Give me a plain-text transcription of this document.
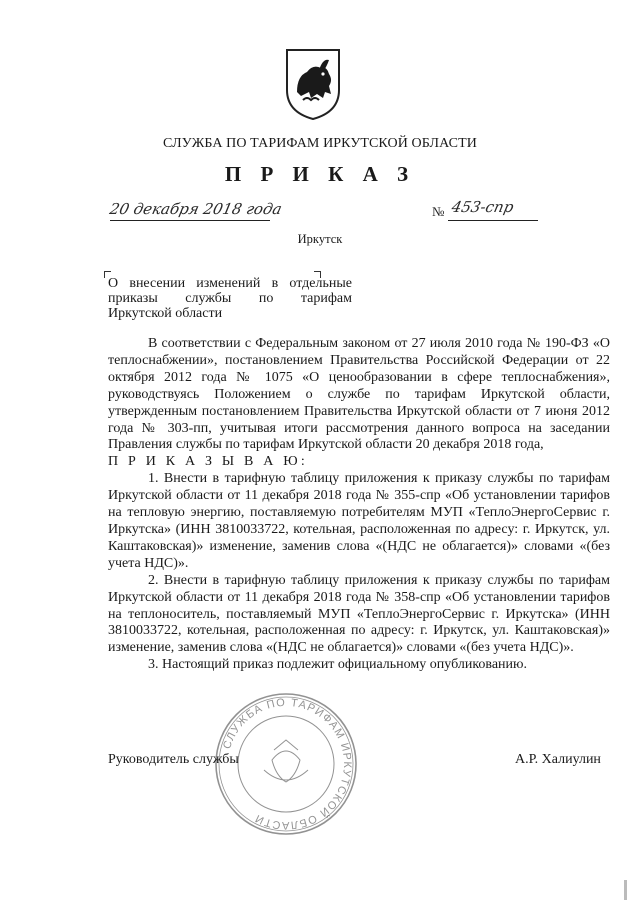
СЛУЖБА ПО ТАРИФАМ ИРКУТСКОЙ ОБЛАСТИ
П Р И К А З
20 декабря 2018 года	№ 453-спр
Иркутск
О внесении изменений в отдельные
приказы службы по тарифам
Иркутской области

В соответствии с Федеральным законом от 27 июля 2010 года № 190-ФЗ «О теплоснабжении», постановлением Правительства Российской Федерации от 22 октября 2012 года № 1075 «О ценообразовании в сфере теплоснабжения», руководствуясь Положением о службе по тарифам Иркутской области, утвержденным постановлением Правительства Иркутской области от 7 июня 2012 года № 303-пп, учитывая итоги рассмотрения данного вопроса на заседании Правления службы по тарифам Иркутской области 20 декабря 2018 года,

П Р И К А З Ы В А Ю:

1. Внести в тарифную таблицу приложения к приказу службы по тарифам Иркутской области от 11 декабря 2018 года № 355-спр «Об установлении тарифов на тепловую энергию, поставляемую потребителям МУП «ТеплоЭнергоСервис г. Иркутска» (ИНН 3810033722, котельная, расположенная по адресу: г. Иркутск, ул. Каштаковская)» изменение, заменив слова «(НДС не облагается)» словами «(без учета НДС)».

2. Внести в тарифную таблицу приложения к приказу службы по тарифам Иркутской области от 11 декабря 2018 года № 358-спр «Об установлении тарифов на теплоноситель, поставляемый МУП «ТеплоЭнергоСервис г. Иркутска» (ИНН 3810033722, котельная, расположенная по адресу: г. Иркутск, ул. Каштаковская)» изменение, заменив слова «(НДС не облагается)» словами «(без учета НДС)».

3. Настоящий приказ подлежит официальному опубликованию.

СЛУЖБА ПО ТАРИФАМ ИРКУТСКОЙ ОБЛАСТИ
Руководитель службы	А.Р. Халиулин
